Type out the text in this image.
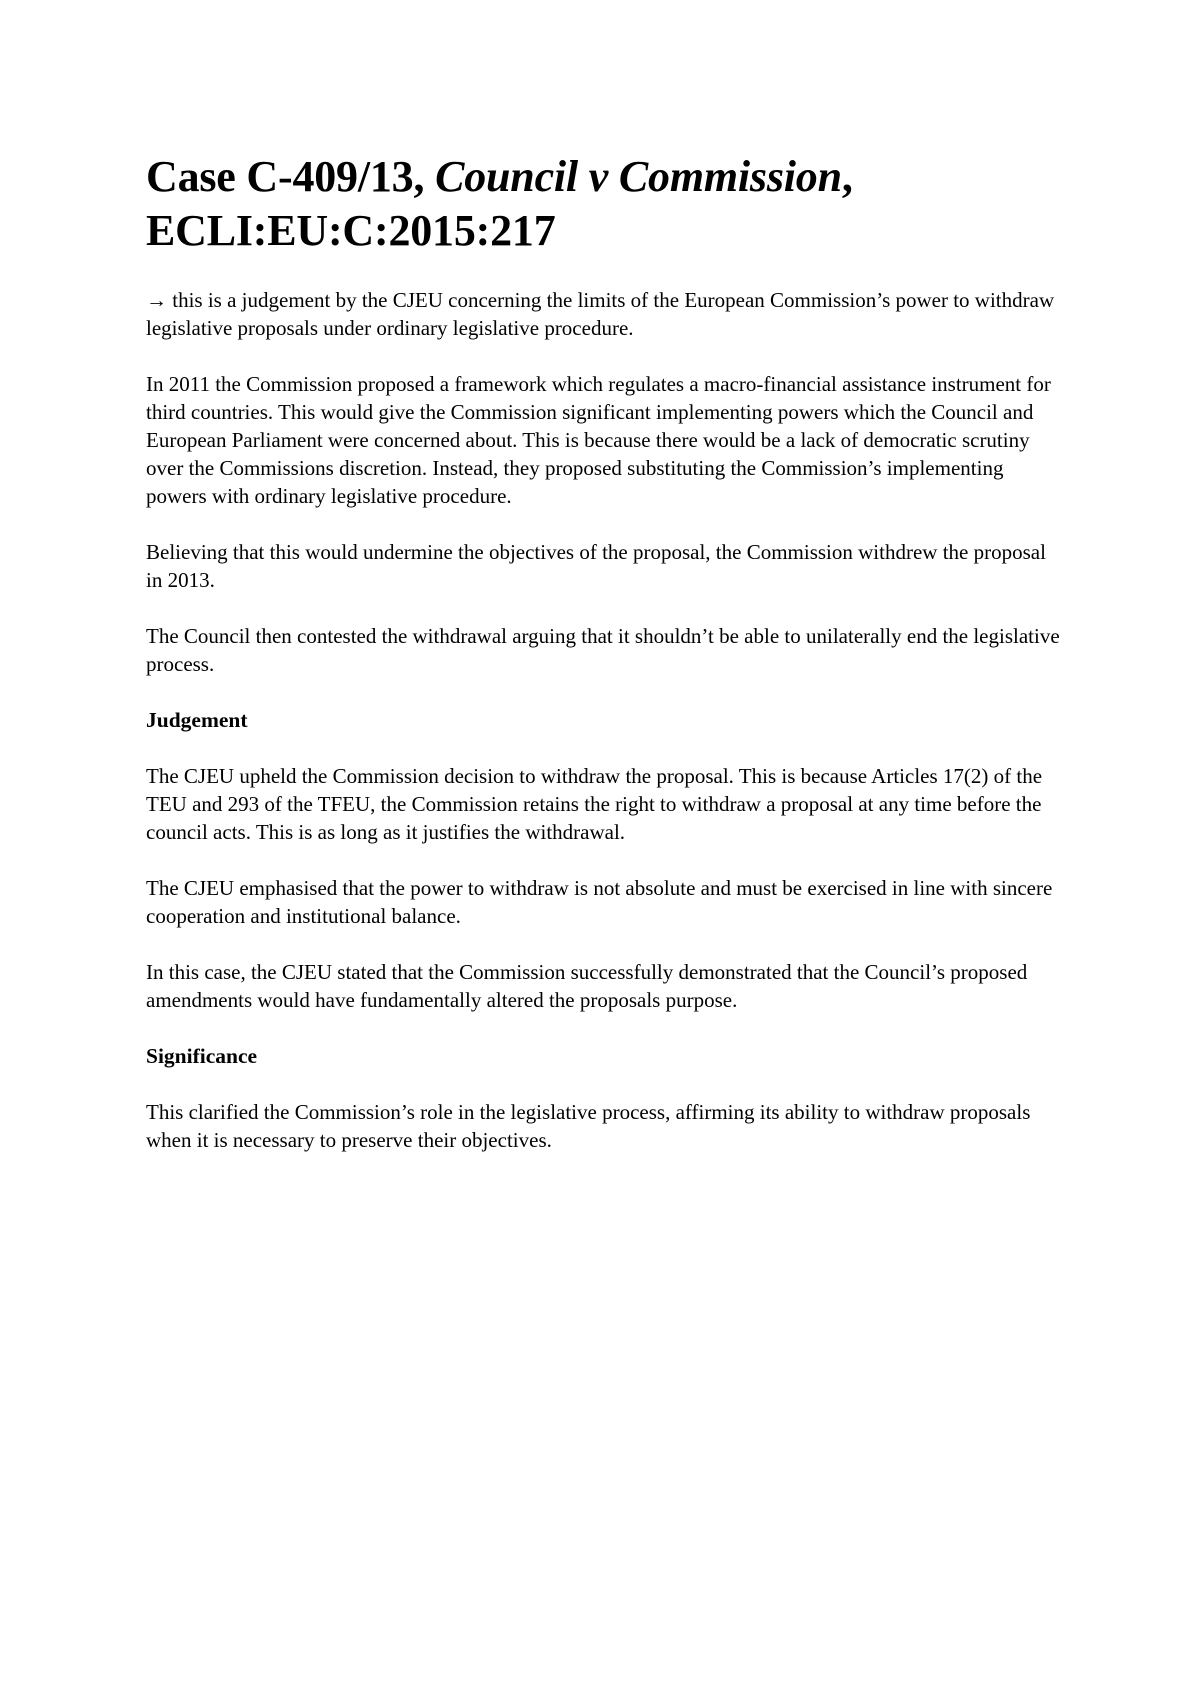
Case C-409/13, Council v Commission,
ECLI:EU:C:2015:217

→ this is a judgement by the CJEU concerning the limits of the European Commission’s power to withdraw legislative proposals under ordinary legislative procedure.

In 2011 the Commission proposed a framework which regulates a macro-financial assistance instrument for third countries. This would give the Commission significant implementing powers which the Council and European Parliament were concerned about. This is because there would be a lack of democratic scrutiny over the Commissions discretion. Instead, they proposed substituting the Commission’s implementing powers with ordinary legislative procedure.

Believing that this would undermine the objectives of the proposal, the Commission withdrew the proposal in 2013.

The Council then contested the withdrawal arguing that it shouldn’t be able to unilaterally end the legislative process.

Judgement

The CJEU upheld the Commission decision to withdraw the proposal. This is because Articles 17(2) of the TEU and 293 of the TFEU, the Commission retains the right to withdraw a proposal at any time before the council acts. This is as long as it justifies the withdrawal.

The CJEU emphasised that the power to withdraw is not absolute and must be exercised in line with sincere cooperation and institutional balance.

In this case, the CJEU stated that the Commission successfully demonstrated that the Council’s proposed amendments would have fundamentally altered the proposals purpose.

Significance

This clarified the Commission’s role in the legislative process, affirming its ability to withdraw proposals when it is necessary to preserve their objectives.
